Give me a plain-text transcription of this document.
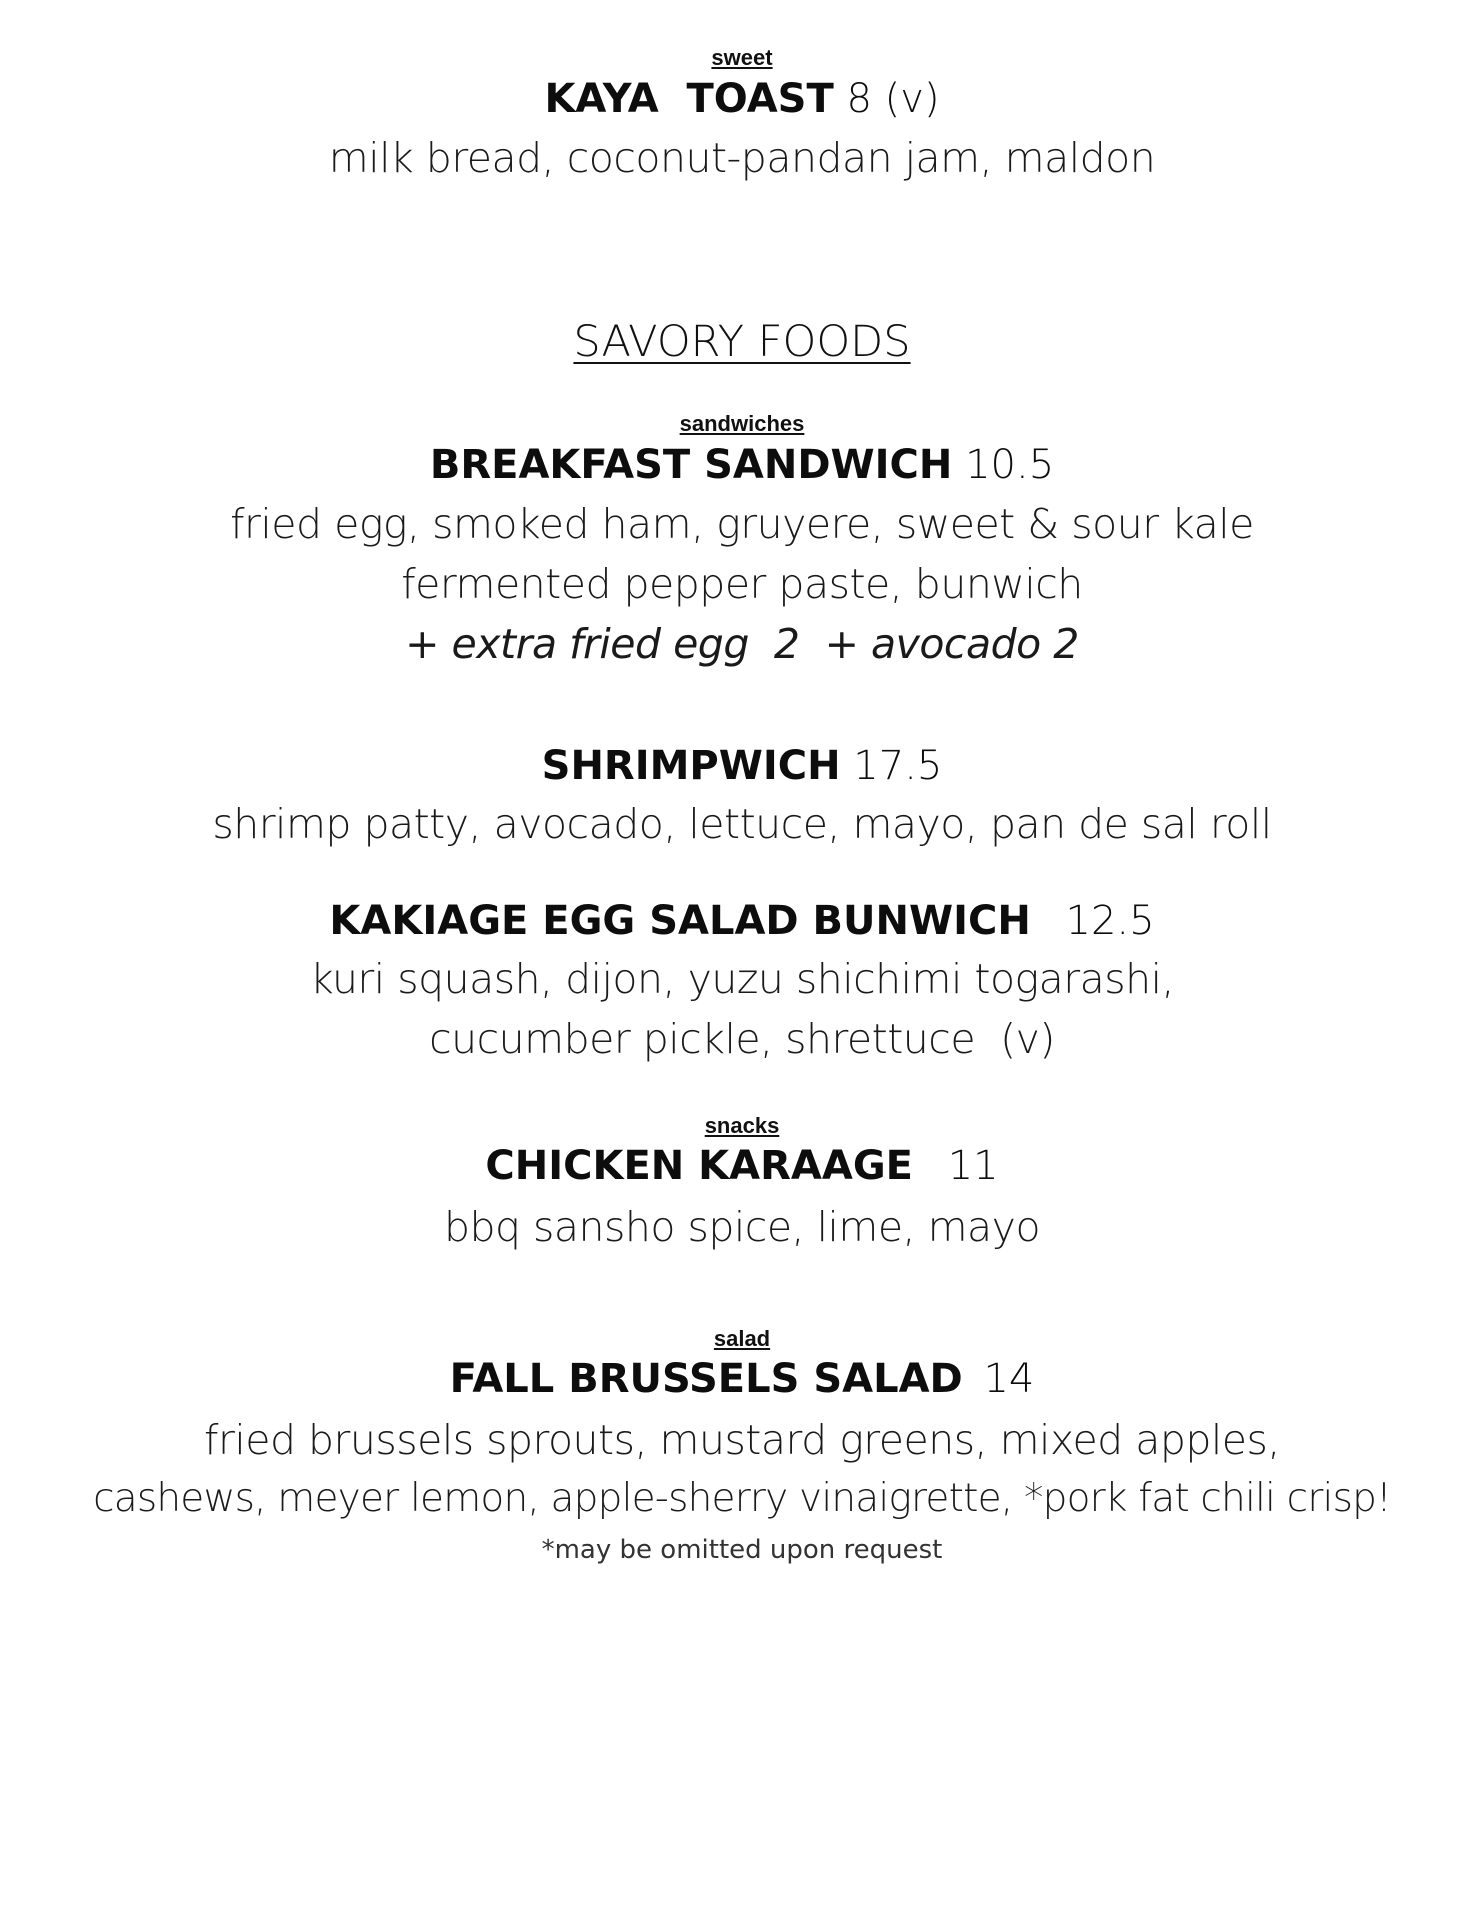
sweet
KAYA  TOAST 8 (v)
milk bread, coconut-pandan jam, maldon
SAVORY FOODS
sandwiches
BREAKFAST SANDWICH 10.5
fried egg, smoked ham, gruyere, sweet & sour kale
fermented pepper paste, bunwich
+ extra fried egg  2  + avocado 2
SHRIMPWICH 17.5
shrimp patty, avocado, lettuce, mayo, pan de sal roll
KAKIAGE EGG SALAD BUNWICH 12.5
kuri squash, dijon, yuzu shichimi togarashi,
cucumber pickle, shrettuce  (v)
snacks
CHICKEN KARAAGE 11
bbq sansho spice, lime, mayo
salad
FALL BRUSSELS SALAD 14
fried brussels sprouts, mustard greens, mixed apples,
cashews, meyer lemon, apple-sherry vinaigrette, *pork fat chili crisp!
*may be omitted upon request
